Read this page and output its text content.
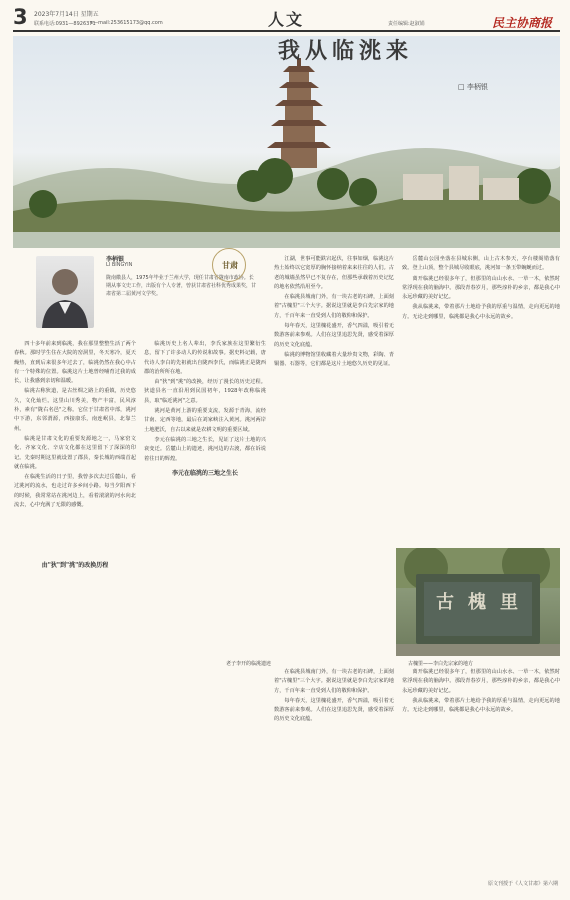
3 2023年7月14日 星期五
联系电话:0931—8926371
e—mail:253615173@qq.com	人文	责任编辑:赵淑娟	民主协商报
我从临洮来
□ 李柄银
李柄银
LI BINGYIN
陇南徽县人，1975年毕业于兰州大学，现任甘肃省陇南市政协。长期从事文史工作，出版有个人专著，曾获甘肃省社科优秀成果奖，甘肃省第二届黄河文学奖。
甘肃

四十多年前来到临洮，我在那里整整生活了两个春秋。那时学生住在大院的窑洞里，冬天寒冷，夏天燥热，直到后来很多年过去了，临洮仍然在我心中占有一个特殊的位置。临洮这片土地曾经哺育过我的成长，让我感到亲切和温暖。

临洮古称狄道，是古丝绸之路上的重镇，历史悠久，文化灿烂。这里山川秀美，物产丰富，民风淳朴，素有"陇右名邑"之称。它位于甘肃省中部，洮河中下游，东邻渭源，西接康乐，南连岷县，北靠兰州。

临洮是甘肃文化的重要发源地之一，马家窑文化、齐家文化、辛店文化都在这里留下了深深的印记。先秦时期这里就设置了郡县，秦长城的西端首起就在临洮。

在临洮生活的日子里，我曾多次去过岳麓山，看过洮河的流水，也走过许多乡间小路。每当夕阳西下的时候，我常常站在洮河边上，看着滚滚的河水向北流去，心中充满了无限的感慨。

由"狄"到"洮"的改换历程

临洮历史上名人辈出，李氏家族在这里繁衍生息，留下了许多动人的传说和故事。据史料记载，唐代诗人李白的先祖就出自陇西李氏，而临洮正是陇西郡的治所所在地。

由"狄"到"洮"的改换，经历了漫长的历史过程。狄道县名一直沿用到民国初年，1928年改称临洮县，取"临近洮河"之意。

洮河是黄河上游的重要支流，发源于青海，流经甘南、定西等地，最后在刘家峡注入黄河。洮河两岸土地肥沃，自古以来就是农耕文明的重要区域。

李元在临洮的三地之生长，见证了这片土地的兴衰变迁。岳麓山上的遗迹，洮河边的古渡，都在诉说着往日的辉煌。

李元在临洮的三地之生长

江湖，世事可能跌宕起伏，往事如烟，临洮这片热土始终以它宽厚的胸怀接纳着来来往往的人们。古老的城墙虽然早已不复存在，但那些承载着历史记忆的地名依然沿用至今。

在临洮县城南门外，有一块古老的石碑，上面刻着"古槐里"三个大字。据说这里就是李白先宗家的地方，千百年来一直受到人们的敬仰和保护。

每年春天，这里槐花盛开，香气四溢，吸引着无数游客前来参观。人们在这里追思先贤，感受着深厚的历史文化底蕴。

临洮的博物馆里收藏着大量珍贵文物，彩陶、青铜器、石器等，它们都是这片土地悠久历史的见证。

岳麓山公园坐落在县城东侧，山上古木参天，亭台楼阁错落有致。登上山顶，整个县城尽收眼底，洮河如一条玉带蜿蜒而过。

离开临洮已经很多年了，但那里的山山水水、一草一木，依然时常浮现在我的脑海中。那段青春岁月，那些淳朴的乡亲，都是我心中永远珍藏的美好记忆。

我从临洮来，带着那片土地给予我的厚重与温情，走向更远的地方。无论走到哪里，临洮都是我心中永远的故乡。

古 槐 里
古槐里——李白先宗家的地方

在临洮县城南门外，有一块古老的石碑，上面刻着"古槐里"三个大字。据说这里就是李白先宗家的地方，千百年来一直受到人们的敬仰和保护。

每年春天，这里槐花盛开，香气四溢，吸引着无数游客前来参观。人们在这里追思先贤，感受着深厚的历史文化底蕴。

老子李开的临洮遗迹

离开临洮已经很多年了，但那里的山山水水、一草一木，依然时常浮现在我的脑海中。那段青春岁月，那些淳朴的乡亲，都是我心中永远珍藏的美好记忆。

我从临洮来，带着那片土地给予我的厚重与温情，走向更远的地方。无论走到哪里，临洮都是我心中永远的故乡。

原文刊授于《人文甘肃》第六期
